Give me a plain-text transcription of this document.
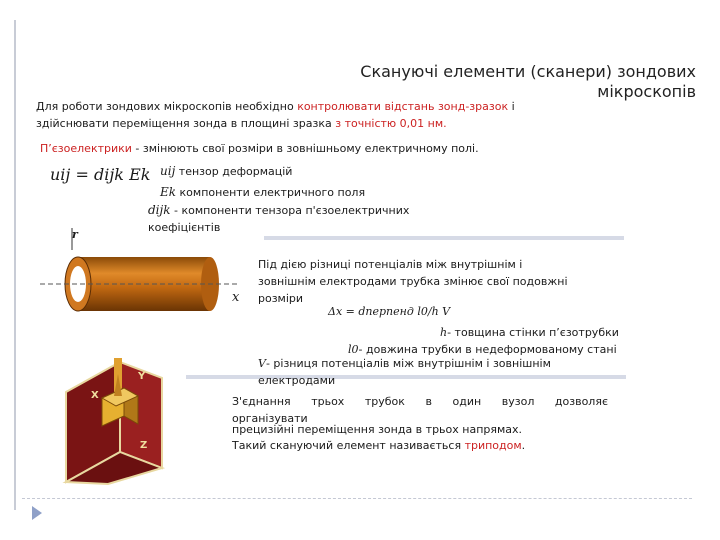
Скануючі елементи (сканери) зондових мікроскопів
Для роботи зондових мікроскопів необхідно контролювати відстань зонд-зразок і здійснювати переміщення зонда в площині зразка з точністю 0,01 нм.
П’єзоелектрики - змінюють свої розміри в зовнішньому електричному полі.
uij = dijk Ek uij тензор деформацій
Ek компоненти електричного поля
dijk - компоненти тензора п'єзоелектричних коефіцієнтів
r
x
Під дією різниці потенціалів між внутрішнім і зовнішнім електродами трубка змінює свої подовжні розміри
Δx = dперпенд l0/h V
h- товщина стінки п’єзотрубки
l0- довжина трубки в недеформованому стані
V- різниця потенціалів між внутрішнім і зовнішнім електродами
X
Y
Z
З'єднання трьох трубок в один вузол дозволяє організувати
прецизійні переміщення зонда в трьох напрямах.
Такий скануючий елемент називається триподом.
